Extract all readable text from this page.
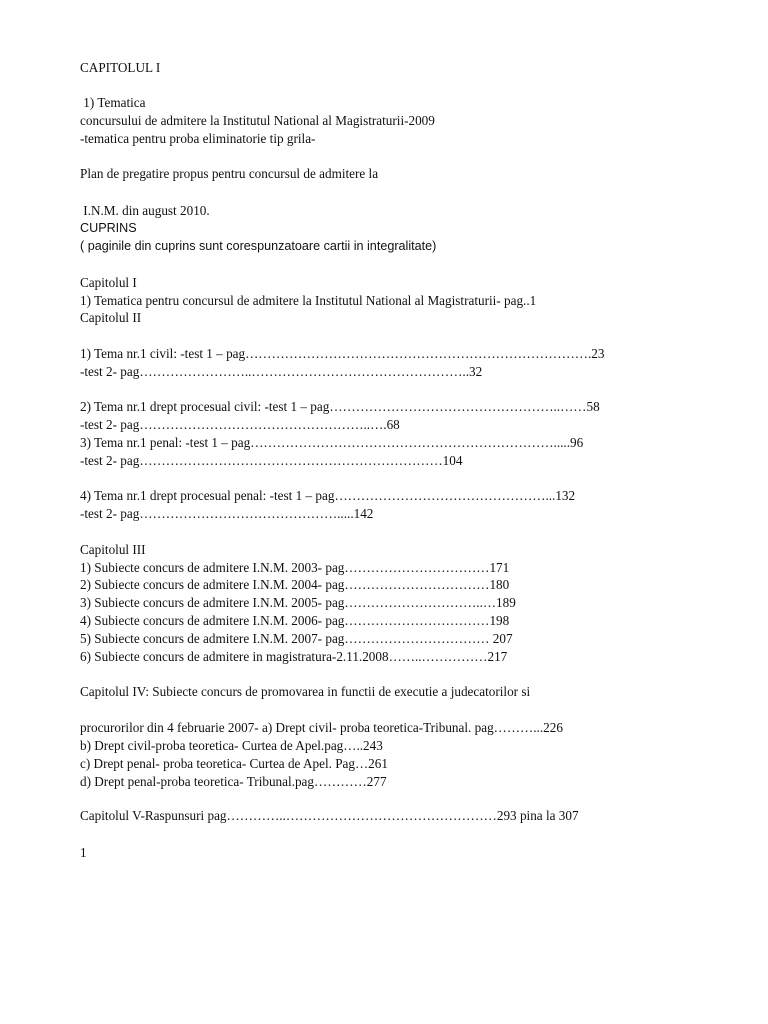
CAPITOLUL I
1) Tematica
concursului de admitere la Institutul National al Magistraturii-2009
-tematica pentru proba eliminatorie tip grila-
Plan de pregatire propus pentru concursul de admitere la
I.N.M. din august 2010.
CUPRINS
( paginile din cuprins sunt corespunzatoare cartii in integralitate)
Capitolul I
1) Tematica pentru concursul de admitere la Institutul National al Magistraturii- pag..1
Capitolul II
1) Tema nr.1 civil: -test 1 – pag…………………………………………………………………….23
-test 2- pag……………………..…………………………………………..32
2) Tema nr.1 drept procesual civil: -test 1 – pag……………………………………………..……58
-test 2- pag……………………………………………..….68
3) Tema nr.1 penal: -test 1 – pag…………………………………………………………….....96
-test 2- pag……………………………………………………………104
4) Tema nr.1 drept procesual penal: -test 1 – pag…………………………………………...132
-test 2- pag……………………………………….....142
Capitolul III
1) Subiecte concurs de admitere I.N.M. 2003- pag……………………………171
2) Subiecte concurs de admitere I.N.M. 2004- pag……………………………180
3) Subiecte concurs de admitere I.N.M. 2005- pag…………………………..…189
4) Subiecte concurs de admitere I.N.M. 2006- pag……………………………198
5) Subiecte concurs de admitere I.N.M. 2007- pag…………………………… 207
6) Subiecte concurs de admitere in magistratura-2.11.2008……..……………217
Capitolul IV: Subiecte concurs de promovarea in functii de executie a judecatorilor si
procurorilor din 4 februarie 2007- a) Drept civil- proba teoretica-Tribunal. pag………...226
b) Drept civil-proba teoretica- Curtea de Apel.pag…..243
c) Drept penal- proba teoretica- Curtea de Apel. Pag…261
d) Drept penal-proba teoretica- Tribunal.pag…………277
Capitolul V-Raspunsuri pag…………..…………………………………………293 pina la 307
1
